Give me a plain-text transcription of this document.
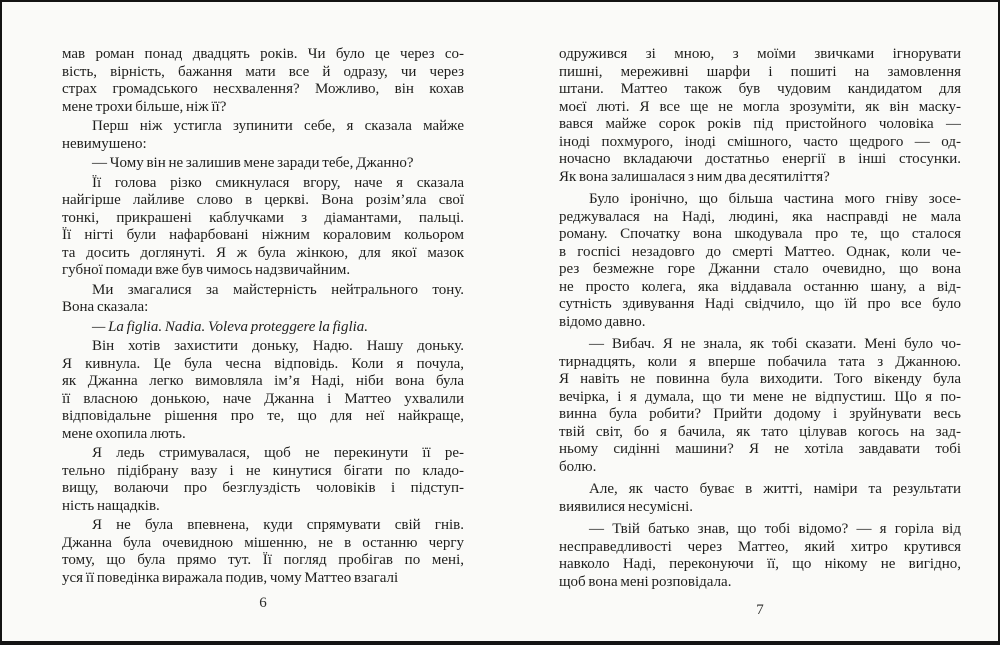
мав роман понад двадцять років. Чи було це через со-
вість, вірність, бажання мати все й одразу, чи через
страх громадського несхвалення? Можливо, він кохав
мене трохи більше, ніж її?
Перш ніж устигла зупинити себе, я сказала майже
невимушено:
— Чому він не залишив мене заради тебе, Джанно?
Її голова різко смикнулася вгору, наче я сказала
найгірше лайливе слово в церкві. Вона розім’яла свої
тонкі, прикрашені каблучками з діамантами, пальці.
Її нігті були нафарбовані ніжним кораловим кольором
та досить доглянуті. Я ж була жінкою, для якої мазок
губної помади вже був чимось надзвичайним.
Ми змагалися за майстерність нейтрального тону.
Вона сказала:
— La figlia. Nadia. Voleva proteggere la figlia.
Він хотів захистити доньку, Надю. Нашу доньку.
Я кивнула. Це була чесна відповідь. Коли я почула,
як Джанна легко вимовляла ім’я Наді, ніби вона була
її власною донькою, наче Джанна і Маттео ухвалили
відповідальне рішення про те, що для неї найкраще,
мене охопила лють.
Я ледь стримувалася, щоб не перекинути її ре-
тельно підібрану вазу і не кинутися бігати по кладо-
вищу, волаючи про безглуздість чоловіків і підступ-
ність нащадків.
Я не була впевнена, куди спрямувати свій гнів.
Джанна була очевидною мішенню, не в останню чергу
тому, що була прямо тут. Її погляд пробігав по мені,
уся її поведінка виражала подив, чому Маттео взагалі
одружився зі мною, з моїми звичками ігнорувати
пишні, мереживні шарфи і пошиті на замовлення
штани. Маттео також був чудовим кандидатом для
моєї люті. Я все ще не могла зрозуміти, як він маску-
вався майже сорок років під пристойного чоловіка —
іноді похмурого, іноді смішного, часто щедрого — од-
ночасно вкладаючи достатньо енергії в інші стосунки.
Як вона залишалася з ним два десятиліття?
Було іронічно, що більша частина мого гніву зосе-
реджувалася на Наді, людині, яка насправді не мала
роману. Спочатку вона шкодувала про те, що сталося
в госпісі незадовго до смерті Маттео. Однак, коли че-
рез безмежне горе Джанни стало очевидно, що вона
не просто колега, яка віддавала останню шану, а від-
сутність здивування Наді свідчило, що їй про все було
відомо давно.
— Вибач. Я не знала, як тобі сказати. Мені було чо-
тирнадцять, коли я вперше побачила тата з Джанною.
Я навіть не повинна була виходити. Того вікенду була
вечірка, і я думала, що ти мене не відпустиш. Що я по-
винна була робити? Прийти додому і зруйнувати весь
твій світ, бо я бачила, як тато цілував когось на зад-
ньому сидінні машини? Я не хотіла завдавати тобі
болю.
Але, як часто буває в житті, наміри та результати
виявилися несумісні.
— Твій батько знав, що тобі відомо? — я горіла від
несправедливості через Маттео, який хитро крутився
навколо Наді, переконуючи її, що нікому не вигідно,
щоб вона мені розповідала.
6	7
